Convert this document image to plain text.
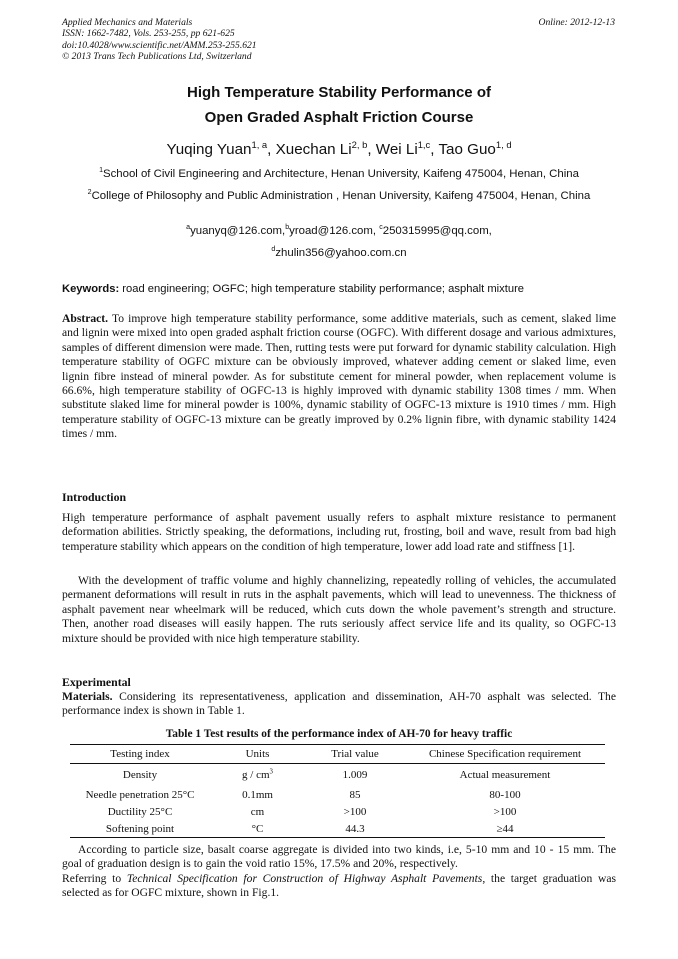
Applied Mechanics and Materials
ISSN: 1662-7482, Vols. 253-255, pp 621-625
doi:10.4028/www.scientific.net/AMM.253-255.621
© 2013 Trans Tech Publications Ltd, Switzerland
Online: 2012-12-13
High Temperature Stability Performance of
Open Graded Asphalt Friction Course
Yuqing Yuan$^{1, a}$, Xuechan Li$^{2, b}$, Wei Li$^{1,c}$, Tao Guo$^{1, d}$
$^1$School of Civil Engineering and Architecture, Henan University, Kaifeng 475004, Henan, China
$^2$College of Philosophy and Public Administration , Henan University, Kaifeng 475004, Henan, China
$^a$yuanyq@126.com,$^b$yroad@126.com, $^c$250315995@qq.com,
$^d$zhulin356@yahoo.com.cn
Keywords: road engineering; OGFC; high temperature stability performance; asphalt mixture
Abstract. To improve high temperature stability performance, some additive materials, such as cement, slaked lime and lignin were mixed into open graded asphalt friction course (OGFC). With different dosage and various admixtures, samples of different dimension were made. Then, rutting tests were put forward for dynamic stability calculation. High temperature stability of OGFC mixture can be obviously improved, whatever adding cement or slaked lime, even lignin fibre instead of mineral powder. As for substitute cement for mineral powder, when replacement volume is 66.6%, high temperature stability of OGFC-13 is highly improved with dynamic stability 1308 times / mm. When substitute slaked lime for mineral powder is 100%, dynamic stability of OGFC-13 mixture is 1910 times / mm. High temperature stability of OGFC-13 mixture can be greatly improved by 0.2% lignin fibre, with dynamic stability 1424 times / mm.
Introduction
High temperature performance of asphalt pavement usually refers to asphalt mixture resistance to permanent deformation abilities. Strictly speaking, the deformations, including rut, frosting, boil and wave, result from bad high temperature stability which appears on the condition of high temperature, lower add load rate and stiffness [1].
With the development of traffic volume and highly channelizing, repeatedly rolling of vehicles, the accumulated permanent deformations will result in ruts in the asphalt pavements, which will lead to unevenness. The thickness of asphalt pavement near wheelmark will be reduced, which cuts down the whole pavement’s strength and structure. Then, another road diseases will easily happen. The ruts seriously affect service life and its quality, so OGFC-13 mixture should be provided with nice high temperature stability.
Experimental
Materials. Considering its representativeness, application and dissemination, AH-70 asphalt was selected. The performance index is shown in Table 1.
Table 1 Test results of the performance index of AH-70 for heavy traffic
Testing index	Units	Trial value	Chinese Specification requirement
Density	g / $cm^3$	1.009	Actual measurement
Needle penetration 25°C	0.1mm	85	80-100
Ductility 25°C	cm	>100	>100
Softening point	°C	44.3	≥44
According to particle size, basalt coarse aggregate is divided into two kinds, i.e, 5-10 mm and 10 - 15 mm. The goal of graduation design is to gain the void ratio 15%, 17.5% and 20%, respectively.
Referring to Technical Specification for Construction of Highway Asphalt Pavements, the target graduation was selected as for OGFC mixture, shown in Fig.1.
